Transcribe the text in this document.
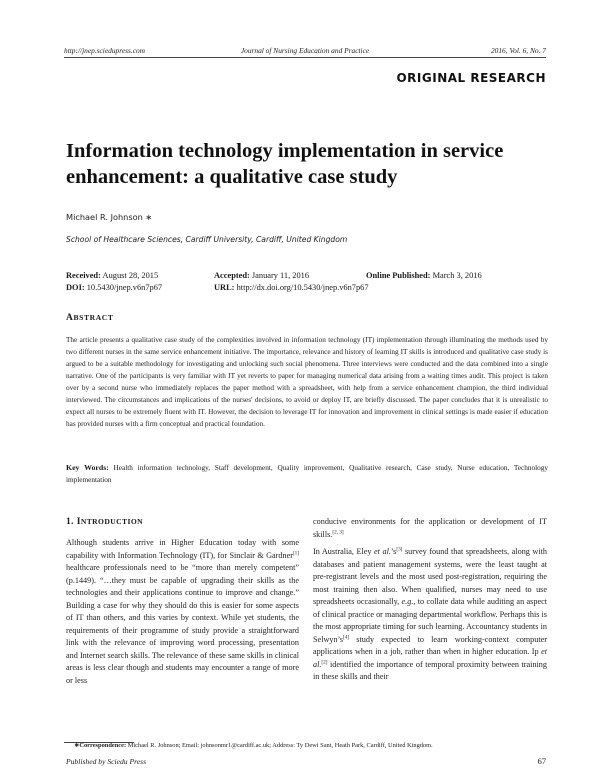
http://jnep.sciedupress.com	Journal of Nursing Education and Practice	2016, Vol. 6, No. 7
ORIGINAL RESEARCH
Information technology implementation in service enhancement: a qualitative case study
Michael R. Johnson ∗
School of Healthcare Sciences, Cardiff University, Cardiff, United Kingdom
Received: August 28, 2015	Accepted: January 11, 2016	Online Published: March 3, 2016
DOI: 10.5430/jnep.v6n7p67	URL: http://dx.doi.org/10.5430/jnep.v6n7p67
ABSTRACT

The article presents a qualitative case study of the complexities involved in information technology (IT) implementation through illuminating the methods used by two different nurses in the same service enhancement initiative. The importance, relevance and history of learning IT skills is introduced and qualitative case study is argued to be a suitable methodology for investigating and unlocking such social phenomena. Three interviews were conducted and the data combined into a single narrative. One of the participants is very familiar with IT yet reverts to paper for managing numerical data arising from a waiting times audit. This project is taken over by a second nurse who immediately replaces the paper method with a spreadsheet, with help from a service enhancement champion, the third individual interviewed. The circumstances and implications of the nurses' decisions, to avoid or deploy IT, are briefly discussed. The paper concludes that it is unrealistic to expect all nurses to be extremely fluent with IT. However, the decision to leverage IT for innovation and improvement in clinical settings is made easier if education has provided nurses with a firm conceptual and practical foundation.

Key Words: Health information technology, Staff development, Quality improvement, Qualitative research, Case study, Nurse education, Technology implementation

1. INTRODUCTION

Although students arrive in Higher Education today with some capability with Information Technology (IT), for Sinclair & Gardner[1] healthcare professionals need to be “more than merely competent” (p.1449). “…they must be capable of upgrading their skills as the technologies and their applications continue to improve and change.” Building a case for why they should do this is easier for some aspects of IT than others, and this varies by context. While yet students, the requirements of their programme of study provide a straightforward link with the relevance of improving word processing, presentation and Internet search skills. The relevance of these same skills in clinical areas is less clear though and students may encounter a range of more or less

conducive environments for the application or development of IT skills.[2, 3]

In Australia, Eley et al.’s[3] survey found that spreadsheets, along with databases and patient management systems, were the least taught at pre-registrant levels and the most used post-registration, requiring the most training then also. When qualified, nurses may need to use spreadsheets occasionally, e.g., to collate data while auditing an aspect of clinical practice or managing departmental workflow. Perhaps this is the most appropriate timing for such learning. Accountancy students in Selwyn’s[4] study expected to learn working-context computer applications when in a job, rather than when in higher education. Ip et al.[2] identified the importance of temporal proximity between training in these skills and their

∗Correspondence: Michael R. Johnson; Email: johnsonmr1@cardiff.ac.uk; Address: Ty Dewi Sant, Heath Park, Cardiff, United Kingdom.
Published by Sciedu Press	67
